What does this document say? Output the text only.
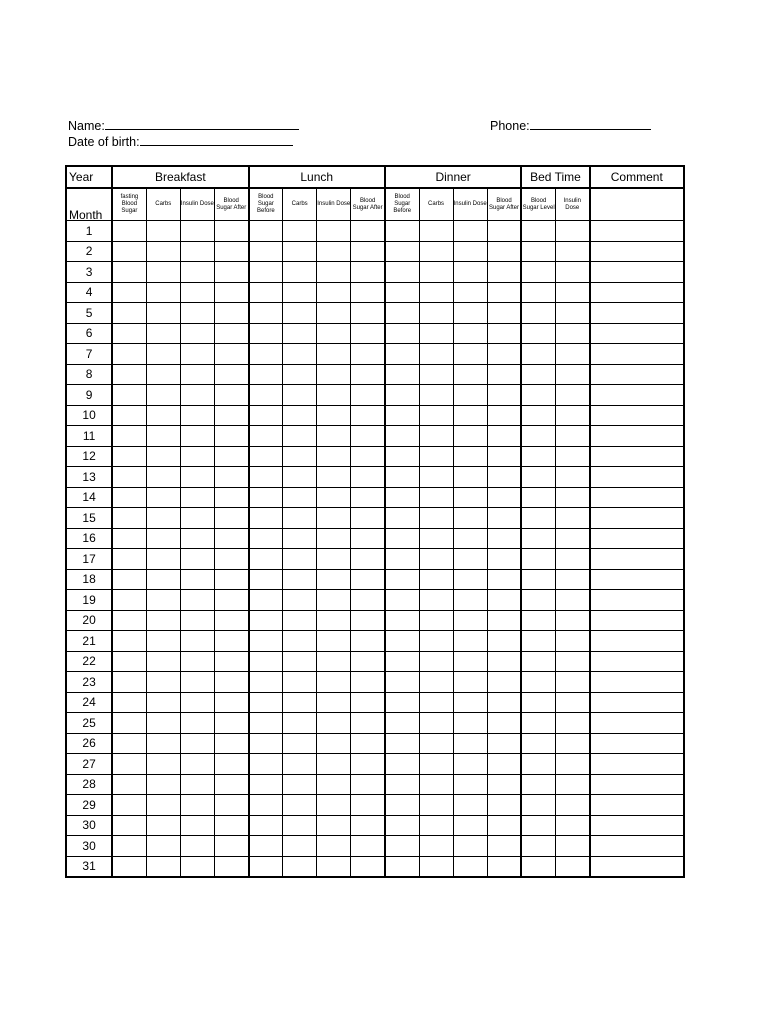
Name:
Date of birth:
Phone:
Year	Breakfast				Lunch				Dinner				Bed Time		Comment
Month	fasting Blood Sugar	Carbs	Insulin Dose	Blood Sugar After	Blood Sugar Before	Carbs	Insulin Dose	Blood Sugar After	Blood Sugar Before	Carbs	Insulin Dose	Blood Sugar After	Blood Sugar Level	Insulin Dose	
1															
2															
3															
4															
5															
6															
7															
8															
9															
10															
11															
12															
13															
14															
15															
16															
17															
18															
19															
20															
21															
22															
23															
24															
25															
26															
27															
28															
29															
30															
30															
31															
